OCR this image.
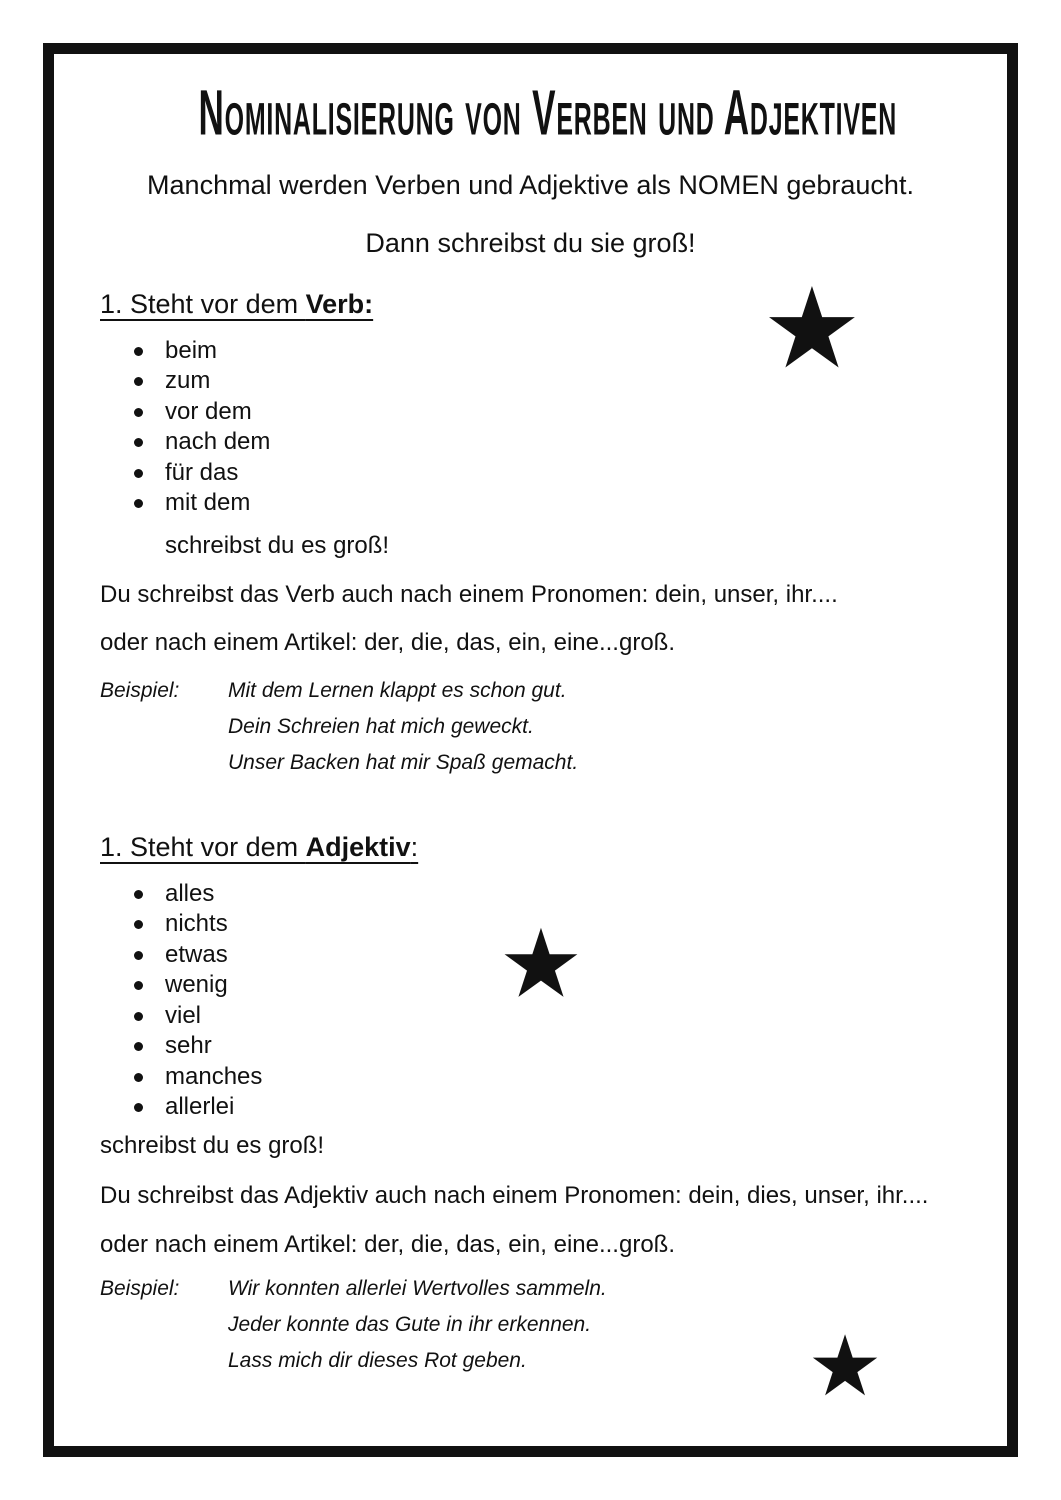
Nominalisierung von Verben und Adjektiven

Manchmal werden Verben und Adjektive als NOMEN gebraucht.

Dann schreibst du sie groß!

1. Steht vor dem Verb:
beim
zum
vor dem
nach dem
für das
mit dem

schreibst du es groß!

Du schreibst das Verb auch nach einem Pronomen: dein, unser, ihr....

oder nach einem Artikel: der, die, das, ein, eine...groß.

Beispiel:	Mit dem Lernen klappt es schon gut.
Dein Schreien hat mich geweckt.
Unser Backen hat mir Spaß gemacht.
1. Steht vor dem Adjektiv:
alles
nichts
etwas
wenig
viel
sehr
manches
allerlei

schreibst du es groß!

Du schreibst das Adjektiv auch nach einem Pronomen: dein, dies, unser, ihr....

oder nach einem Artikel: der, die, das, ein, eine...groß.

Beispiel:	Wir konnten allerlei Wertvolles sammeln.
Jeder konnte das Gute in ihr erkennen.
Lass mich dir dieses Rot geben.
★
★
★
